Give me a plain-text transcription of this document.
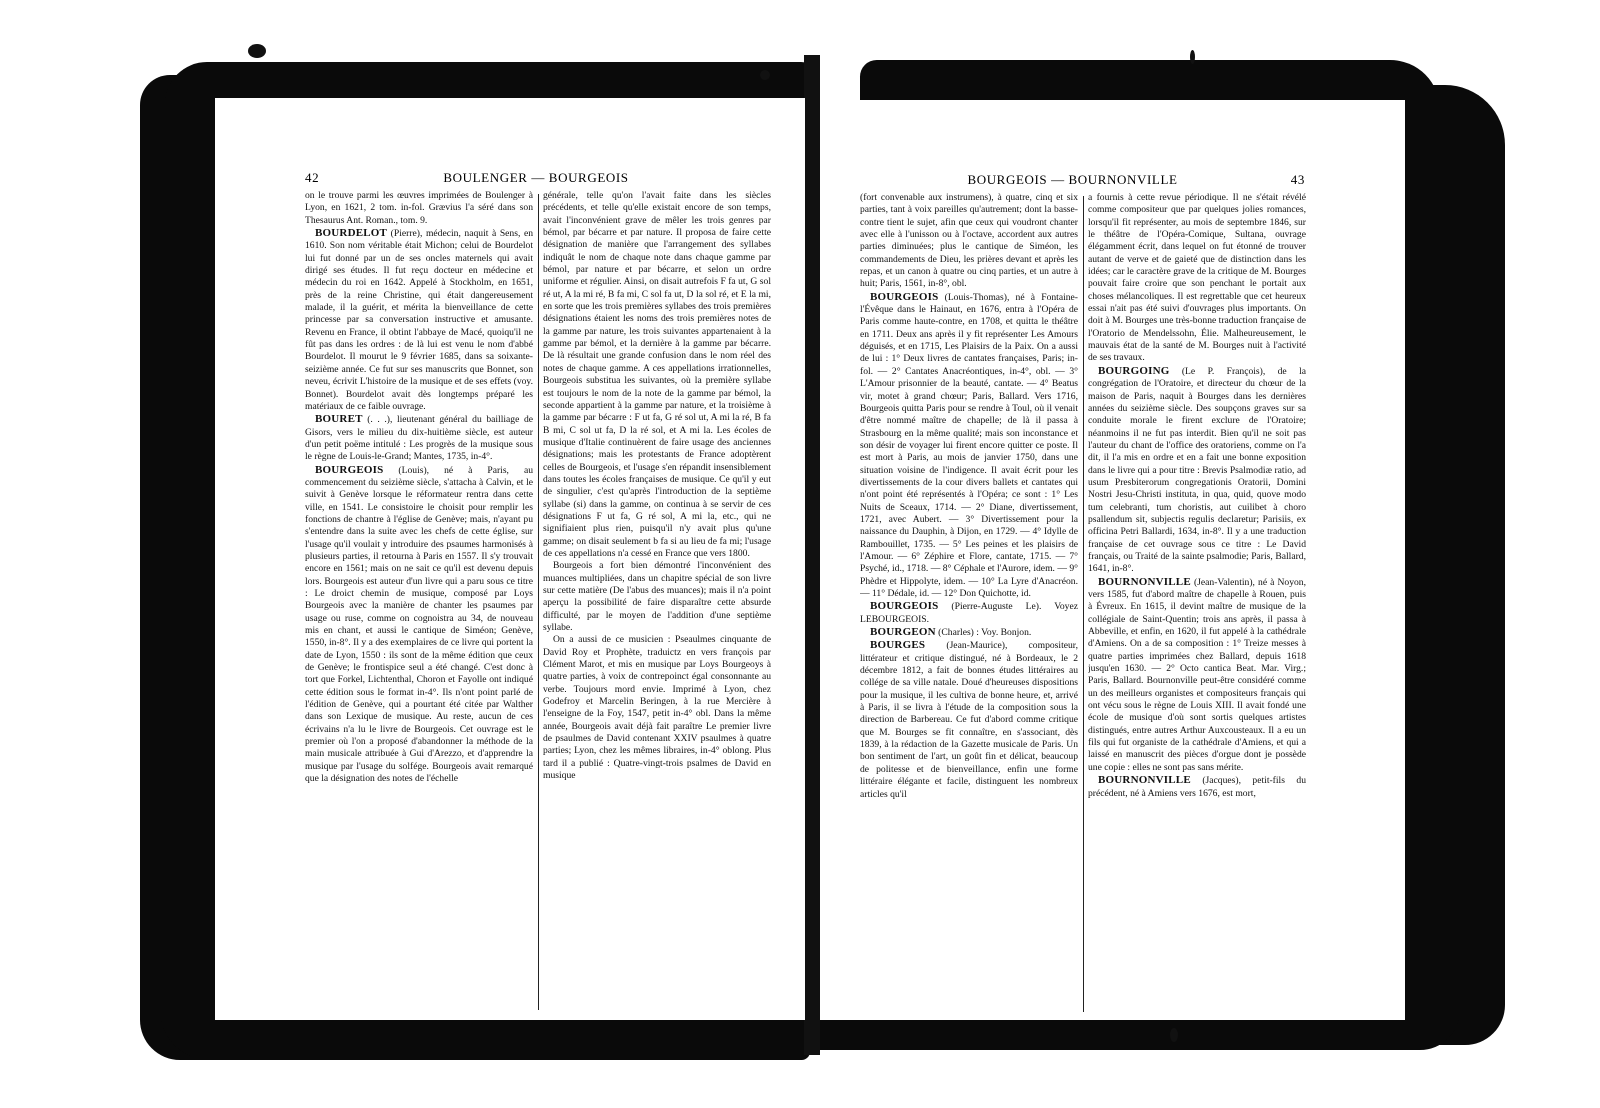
42	BOULENGER — BOURGEOIS

on le trouve parmi les œuvres imprimées de Boulenger à Lyon, en 1621, 2 tom. in-fol. Grævius l'a séré dans son Thesaurus Ant. Roman., tom. 9.

BOURDELOT (Pierre), médecin, naquit à Sens, en 1610. Son nom véritable était Michon; celui de Bourdelot lui fut donné par un de ses oncles maternels qui avait dirigé ses études. Il fut reçu docteur en médecine et médecin du roi en 1642. Appelé à Stockholm, en 1651, près de la reine Christine, qui était dangereusement malade, il la guérit, et mérita la bienveillance de cette princesse par sa conversation instructive et amusante. Revenu en France, il obtint l'abbaye de Macé, quoiqu'il ne fût pas dans les ordres : de là lui est venu le nom d'abbé Bourdelot. Il mourut le 9 février 1685, dans sa soixante-seizième année. Ce fut sur ses manuscrits que Bonnet, son neveu, écrivit L'histoire de la musique et de ses effets (voy. Bonnet). Bourdelot avait dès longtemps préparé les matériaux de ce faible ouvrage.

BOURET (. . .), lieutenant général du bailliage de Gisors, vers le milieu du dix-huitième siècle, est auteur d'un petit poëme intitulé : Les progrès de la musique sous le règne de Louis-le-Grand; Mantes, 1735, in-4°.

BOURGEOIS (Louis), né à Paris, au commencement du seizième siècle, s'attacha à Calvin, et le suivit à Genève lorsque le réformateur rentra dans cette ville, en 1541. Le consistoire le choisit pour remplir les fonctions de chantre à l'église de Genève; mais, n'ayant pu s'entendre dans la suite avec les chefs de cette église, sur l'usage qu'il voulait y introduire des psaumes harmonisés à plusieurs parties, il retourna à Paris en 1557. Il s'y trouvait encore en 1561; mais on ne sait ce qu'il est devenu depuis lors. Bourgeois est auteur d'un livre qui a paru sous ce titre : Le droict chemin de musique, composé par Loys Bourgeois avec la manière de chanter les psaumes par usage ou ruse, comme on cognoistra au 34, de nouveau mis en chant, et aussi le cantique de Siméon; Genève, 1550, in-8°. Il y a des exemplaires de ce livre qui portent la date de Lyon, 1550 : ils sont de la même édition que ceux de Genève; le frontispice seul a été changé. C'est donc à tort que Forkel, Lichtenthal, Choron et Fayolle ont indiqué cette édition sous le format in-4°. Ils n'ont point parlé de l'édition de Genève, qui a pourtant été citée par Walther dans son Lexique de musique. Au reste, aucun de ces écrivains n'a lu le livre de Bourgeois. Cet ouvrage est le premier où l'on a proposé d'abandonner la méthode de la main musicale attribuée à Gui d'Arezzo, et d'apprendre la musique par l'usage du solfége. Bourgeois avait remarqué que la désignation des notes de l'échelle

générale, telle qu'on l'avait faite dans les siècles précédents, et telle qu'elle existait encore de son temps, avait l'inconvénient grave de mêler les trois genres par bémol, par bécarre et par nature. Il proposa de faire cette désignation de manière que l'arrangement des syllabes indiquât le nom de chaque note dans chaque gamme par bémol, par nature et par bécarre, et selon un ordre uniforme et régulier. Ainsi, on disait autrefois F fa ut, G sol ré ut, A la mi ré, B fa mi, C sol fa ut, D la sol ré, et E la mi, en sorte que les trois premières syllabes des trois premières désignations étaient les noms des trois premières notes de la gamme par nature, les trois suivantes appartenaient à la gamme par bémol, et la dernière à la gamme par bécarre. De là résultait une grande confusion dans le nom réel des notes de chaque gamme. A ces appellations irrationnelles, Bourgeois substitua les suivantes, où la première syllabe est toujours le nom de la note de la gamme par bémol, la seconde appartient à la gamme par nature, et la troisième à la gamme par bécarre : F ut fa, G ré sol ut, A mi la ré, B fa B mi, C sol ut fa, D la ré sol, et A mi la. Les écoles de musique d'Italie continuèrent de faire usage des anciennes désignations; mais les protestants de France adoptèrent celles de Bourgeois, et l'usage s'en répandit insensiblement dans toutes les écoles françaises de musique. Ce qu'il y eut de singulier, c'est qu'après l'introduction de la septième syllabe (si) dans la gamme, on continua à se servir de ces désignations F ut fa, G ré sol, A mi la, etc., qui ne signifiaient plus rien, puisqu'il n'y avait plus qu'une gamme; on disait seulement b fa si au lieu de fa mi; l'usage de ces appellations n'a cessé en France que vers 1800.

Bourgeois a fort bien démontré l'inconvénient des muances multipliées, dans un chapitre spécial de son livre sur cette matière (De l'abus des muances); mais il n'a point aperçu la possibilité de faire disparaître cette absurde difficulté, par le moyen de l'addition d'une septième syllabe.

On a aussi de ce musicien : Pseaulmes cinquante de David Roy et Prophète, traduictz en vers françois par Clément Marot, et mis en musique par Loys Bourgeoys à quatre parties, à voix de contrepoinct égal consonnante au verbe. Toujours mord envie. Imprimé à Lyon, chez Godefroy et Marcelin Beringen, à la rue Mercière à l'enseigne de la Foy, 1547, petit in-4° obl. Dans la même année, Bourgeois avait déjà fait paraître Le premier livre de psaulmes de David contenant XXIV psaulmes à quatre parties; Lyon, chez les mêmes libraires, in-4° oblong. Plus tard il a publié : Quatre-vingt-trois psalmes de David en musique

BOURGEOIS — BOURNONVILLE	43

(fort convenable aux instrumens), à quatre, cinq et six parties, tant à voix pareilles qu'autrement; dont la basse-contre tient le sujet, afin que ceux qui voudront chanter avec elle à l'unisson ou à l'octave, accordent aux autres parties diminuées; plus le cantique de Siméon, les commandements de Dieu, les prières devant et après les repas, et un canon à quatre ou cinq parties, et un autre à huit; Paris, 1561, in-8°, obl.

BOURGEOIS (Louis-Thomas), né à Fontaine-l'Évêque dans le Hainaut, en 1676, entra à l'Opéra de Paris comme haute-contre, en 1708, et quitta le théâtre en 1711. Deux ans après il y fit représenter Les Amours déguisés, et en 1715, Les Plaisirs de la Paix. On a aussi de lui : 1° Deux livres de cantates françaises, Paris; in-fol. — 2° Cantates Anacréontiques, in-4°, obl. — 3° L'Amour prisonnier de la beauté, cantate. — 4° Beatus vir, motet à grand chœur; Paris, Ballard. Vers 1716, Bourgeois quitta Paris pour se rendre à Toul, où il venait d'être nommé maître de chapelle; de là il passa à Strasbourg en la même qualité; mais son inconstance et son désir de voyager lui firent encore quitter ce poste. Il est mort à Paris, au mois de janvier 1750, dans une situation voisine de l'indigence. Il avait écrit pour les divertissements de la cour divers ballets et cantates qui n'ont point été représentés à l'Opéra; ce sont : 1° Les Nuits de Sceaux, 1714. — 2° Diane, divertissement, 1721, avec Aubert. — 3° Divertissement pour la naissance du Dauphin, à Dijon, en 1729. — 4° Idylle de Rambouillet, 1735. — 5° Les peines et les plaisirs de l'Amour. — 6° Zéphire et Flore, cantate, 1715. — 7° Psyché, id., 1718. — 8° Céphale et l'Aurore, idem. — 9° Phèdre et Hippolyte, idem. — 10° La Lyre d'Anacréon. — 11° Dédale, id. — 12° Don Quichotte, id.

BOURGEOIS (Pierre-Auguste Le). Voyez LEBOURGEOIS.

BOURGEON (Charles) : Voy. Bonjon.

BOURGES (Jean-Maurice), compositeur, littérateur et critique distingué, né à Bordeaux, le 2 décembre 1812, a fait de bonnes études littéraires au collége de sa ville natale. Doué d'heureuses dispositions pour la musique, il les cultiva de bonne heure, et, arrivé à Paris, il se livra à l'étude de la composition sous la direction de Barbereau. Ce fut d'abord comme critique que M. Bourges se fit connaître, en s'associant, dès 1839, à la rédaction de la Gazette musicale de Paris. Un bon sentiment de l'art, un goût fin et délicat, beaucoup de politesse et de bienveillance, enfin une forme littéraire élégante et facile, distinguent les nombreux articles qu'il

a fournis à cette revue périodique. Il ne s'était révélé comme compositeur que par quelques jolies romances, lorsqu'il fit représenter, au mois de septembre 1846, sur le théâtre de l'Opéra-Comique, Sultana, ouvrage élégamment écrit, dans lequel on fut étonné de trouver autant de verve et de gaieté que de distinction dans les idées; car le caractère grave de la critique de M. Bourges pouvait faire croire que son penchant le portait aux choses mélancoliques. Il est regrettable que cet heureux essai n'ait pas été suivi d'ouvrages plus importants. On doit à M. Bourges une très-bonne traduction française de l'Oratorio de Mendelssohn, Élie. Malheureusement, le mauvais état de la santé de M. Bourges nuit à l'activité de ses travaux.

BOURGOING (Le P. François), de la congrégation de l'Oratoire, et directeur du chœur de la maison de Paris, naquit à Bourges dans les dernières années du seizième siècle. Des soupçons graves sur sa conduite morale le firent exclure de l'Oratoire; néanmoins il ne fut pas interdit. Bien qu'il ne soit pas l'auteur du chant de l'office des oratoriens, comme on l'a dit, il l'a mis en ordre et en a fait une bonne exposition dans le livre qui a pour titre : Brevis Psalmodiæ ratio, ad usum Presbiterorum congregationis Oratorii, Domini Nostri Jesu-Christi instituta, in qua, quid, quove modo tum celebranti, tum choristis, aut cuilibet à choro psallendum sit, subjectis regulis declaretur; Parisiis, ex officina Petri Ballardi, 1634, in-8°. Il y a une traduction française de cet ouvrage sous ce titre : Le David français, ou Traité de la sainte psalmodie; Paris, Ballard, 1641, in-8°.

BOURNONVILLE (Jean-Valentin), né à Noyon, vers 1585, fut d'abord maître de chapelle à Rouen, puis à Évreux. En 1615, il devint maître de musique de la collégiale de Saint-Quentin; trois ans après, il passa à Abbeville, et enfin, en 1620, il fut appelé à la cathédrale d'Amiens. On a de sa composition : 1° Treize messes à quatre parties imprimées chez Ballard, depuis 1618 jusqu'en 1630. — 2° Octo cantica Beat. Mar. Virg.; Paris, Ballard. Bournonville peut-être considéré comme un des meilleurs organistes et compositeurs français qui ont vécu sous le règne de Louis XIII. Il avait fondé une école de musique d'où sont sortis quelques artistes distingués, entre autres Arthur Auxcousteaux. Il a eu un fils qui fut organiste de la cathédrale d'Amiens, et qui a laissé en manuscrit des pièces d'orgue dont je possède une copie : elles ne sont pas sans mérite.

BOURNONVILLE (Jacques), petit-fils du précédent, né à Amiens vers 1676, est mort,
